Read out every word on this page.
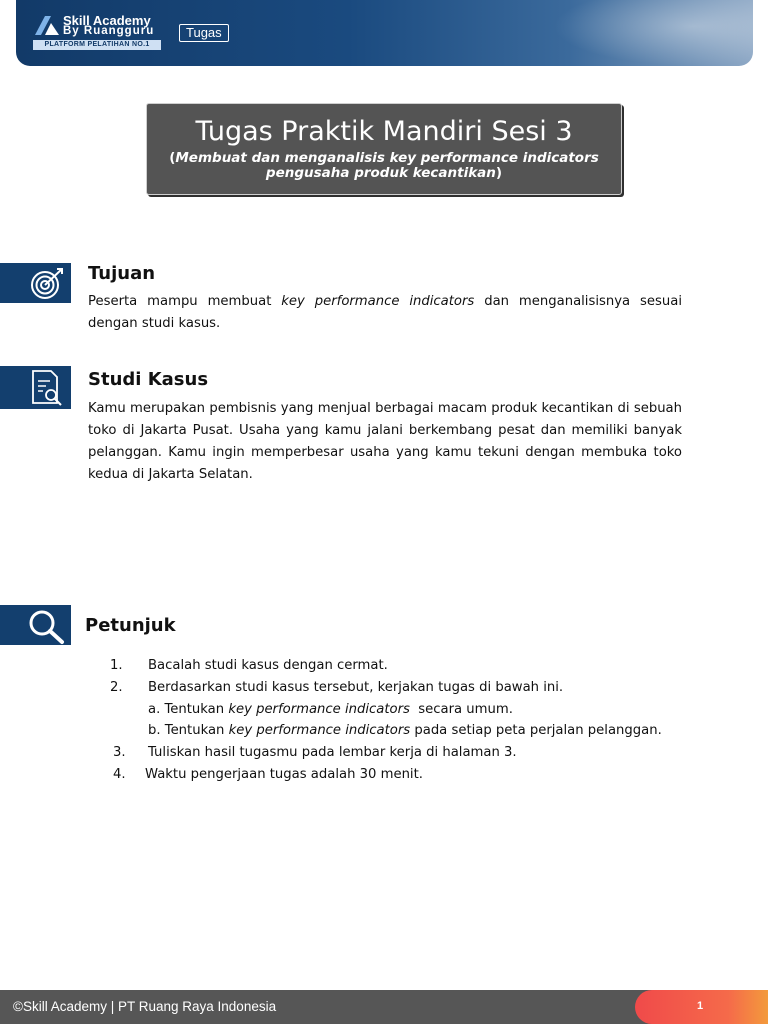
Skill Academy
By Ruangguru
PLATFORM PELATIHAN NO.1
Tugas
Tugas Praktik Mandiri Sesi 3
(Membuat dan menganalisis key performance indicators pengusaha produk kecantikan)
Tujuan
Peserta mampu membuat key performance indicators dan menganalisisnya sesuai dengan studi kasus.
Studi Kasus
Kamu merupakan pembisnis yang menjual berbagai macam produk kecantikan di sebuah toko di Jakarta Pusat. Usaha yang kamu jalani berkembang pesat dan memiliki banyak pelanggan. Kamu ingin memperbesar usaha yang kamu tekuni dengan membuka toko kedua di Jakarta Selatan.
Petunjuk
1. Bacalah studi kasus dengan cermat.
2. Berdasarkan studi kasus tersebut, kerjakan tugas di bawah ini.
a. Tentukan key performance indicators  secara umum.
b. Tentukan key performance indicators pada setiap peta perjalan pelanggan.
3. Tuliskan hasil tugasmu pada lembar kerja di halaman 3.
4. Waktu pengerjaan tugas adalah 30 menit.
©Skill Academy | PT Ruang Raya Indonesia	1
